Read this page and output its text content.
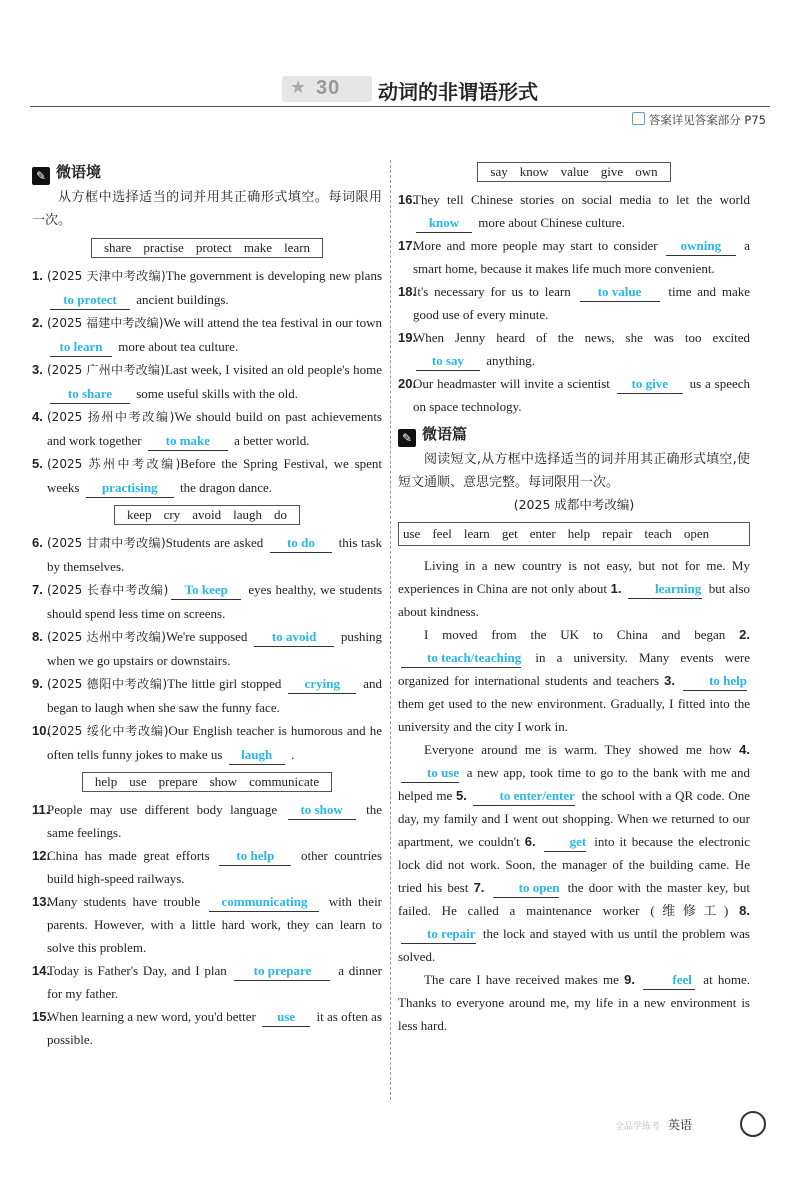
★ 30 动词的非谓语形式
答案详见答案部分 P75
✎ 微语境
从方框中选择适当的词并用其正确形式填空。每词限用一次。
share practise protect make learn
1. (2025 天津中考改编)The government is developing new plans to protect ancient buildings.
2. (2025 福建中考改编)We will attend the tea festival in our town to learn more about tea culture.
3. (2025 广州中考改编)Last week, I visited an old people's home to share some useful skills with the old.
4. (2025 扬州中考改编)We should build on past achievements and work together to make a better world.
5. (2025 苏州中考改编)Before the Spring Festival, we spent weeks practising the dragon dance.
keep cry avoid laugh do
6. (2025 甘肃中考改编)Students are asked to do this task by themselves.
7. (2025 长春中考改编) To keep eyes healthy, we students should spend less time on screens.
8. (2025 达州中考改编)We're supposed to avoid pushing when we go upstairs or downstairs.
9. (2025 德阳中考改编)The little girl stopped crying and began to laugh when she saw the funny face.
10.
(2025 绥化中考改编)Our English teacher is humorous and he often tells funny jokes to make us laugh .
help use prepare show communicate
11.
People may use different body language to show the same feelings.
12.
China has made great efforts to help other countries build high-speed railways.
13.
Many students have trouble communicating with their parents. However, with a little hard work, they can learn to solve this problem.
14.
Today is Father's Day, and I plan to prepare a dinner for my father.
15.
When learning a new word, you'd better use it as often as possible.
say know value give own
16.
They tell Chinese stories on social media to let the world know more about Chinese culture.
17.
More and more people may start to consider owning a smart home, because it makes life much more convenient.
18.
It's necessary for us to learn to value time and make good use of every minute.
19.
When Jenny heard of the news, she was too excited to say anything.
20.
Our headmaster will invite a scientist to give us a speech on space technology.
✎ 微语篇
阅读短文,从方框中选择适当的词并用其正确形式填空,使短文通顺、意思完整。每词限用一次。
(2025 成都中考改编)
use feel learn get enter help repair teach open
Living in a new country is not easy, but not for me. My experiences in China are not only about 1.	learning but also about kindness.
I moved from the UK to China and began 2. to teach/teaching in a university. Many events were organized for international students and teachers 3.	to help them get used to the new environment. Gradually, I fitted into the university and the city I work in.
Everyone around me is warm. They showed me how 4. to use a new app, took time to go to the bank with me and helped me 5.	to enter/enter the school with a QR code. One day, my family and I went out shopping. When we returned to our apartment, we couldn't 6.	get into it because the electronic lock did not work. Soon, the manager of the building came. He tried his best 7.	to open the door with the master key, but failed. He called a maintenance worker (维修工) 8. to repair the lock and stayed with us until the problem was solved.
The care I have received makes me 9.	feel at home. Thanks to everyone around me, my life in a new environment is less hard.
全品学练考 英语
